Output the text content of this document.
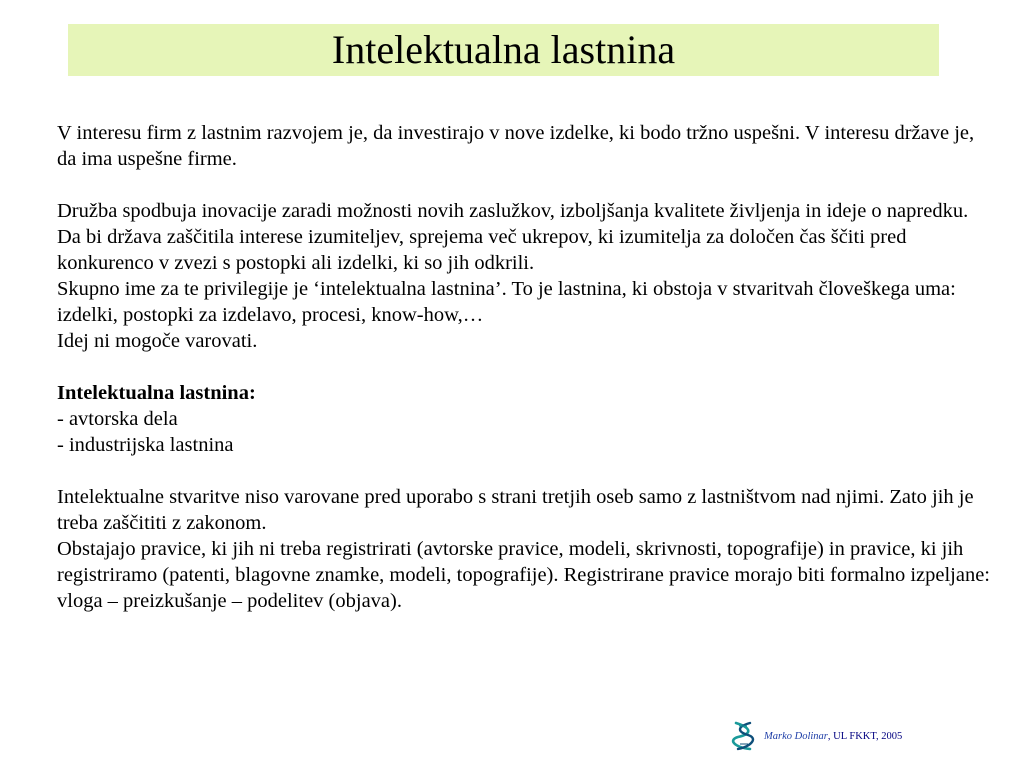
Intelektualna lastnina

V interesu firm z lastnim razvojem je, da investirajo v nove izdelke, ki bodo tržno uspešni. V interesu države je, da ima uspešne firme.

Družba spodbuja inovacije zaradi možnosti novih zaslužkov, izboljšanja kvalitete življenja in ideje o napredku. Da bi država zaščitila interese izumiteljev, sprejema več ukrepov, ki izumitelja za določen čas ščiti pred konkurenco v zvezi s postopki ali izdelki, ki so jih odkrili.

Skupno ime za te privilegije je ‘intelektualna lastnina’. To je lastnina, ki obstoja v stvaritvah človeškega uma: izdelki, postopki za izdelavo, procesi, know-how,…

Idej ni mogoče varovati.

Intelektualna lastnina:

- avtorska dela

- industrijska lastnina

Intelektualne stvaritve niso varovane pred uporabo s strani tretjih oseb samo z lastništvom nad njimi. Zato jih je treba zaščititi z zakonom.

Obstajajo pravice, ki jih ni treba registrirati (avtorske pravice, modeli, skrivnosti, topografije) in pravice, ki jih registriramo (patenti, blagovne znamke, modeli, topografije). Registrirane pravice morajo biti formalno izpeljane:

vloga – preizkušanje – podelitev (objava).

Marko Dolinar , UL FKKT, 2005
